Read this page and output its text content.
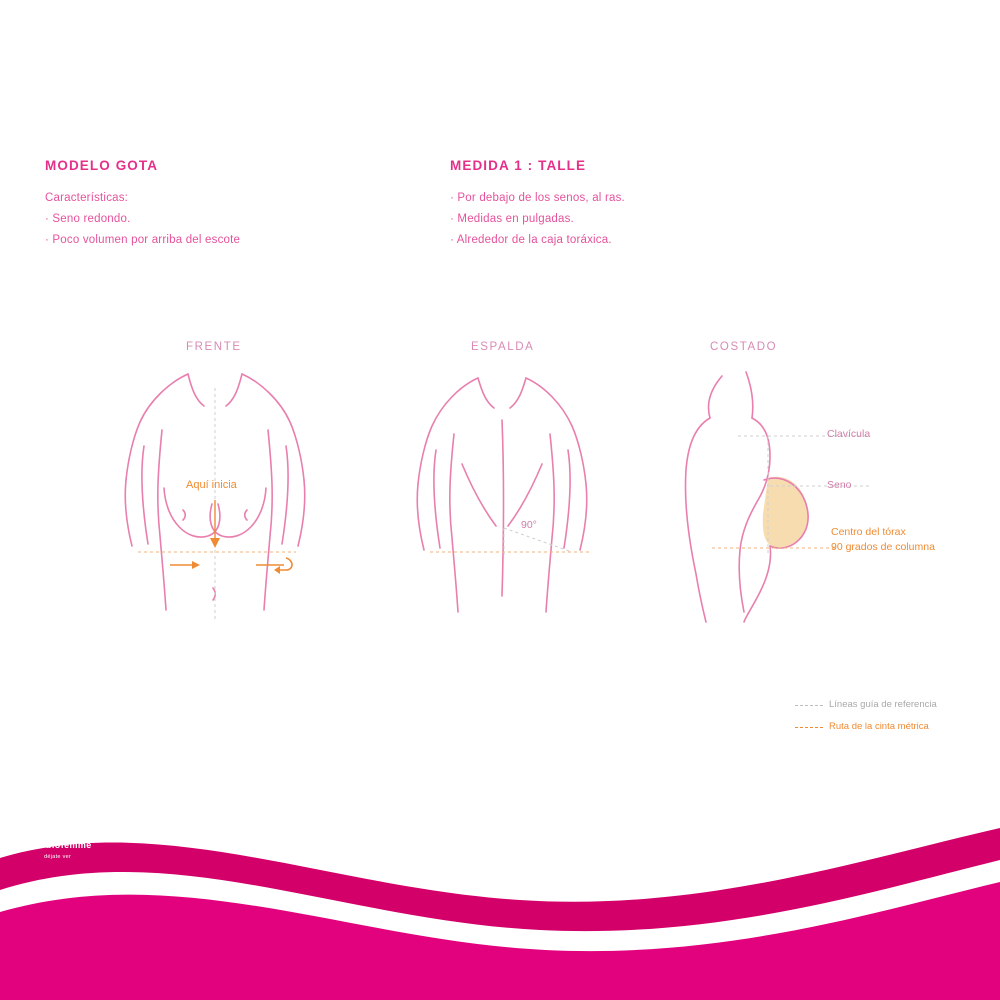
MODELO GOTA
Características:
· Seno redondo.
· Poco volumen por arriba del escote
MEDIDA 1 : TALLE
· Por debajo de los senos, al ras.
· Medidas en pulgadas.
· Alrededor de la caja toráxica.
FRENTE	ESPALDA	COSTADO
Aquí inicia
90°
Clavícula
Seno
Centro del tórax
90 grados de columna
Líneas guía de referencia
Ruta de la cinta métrica
biofemme
déjate ver
